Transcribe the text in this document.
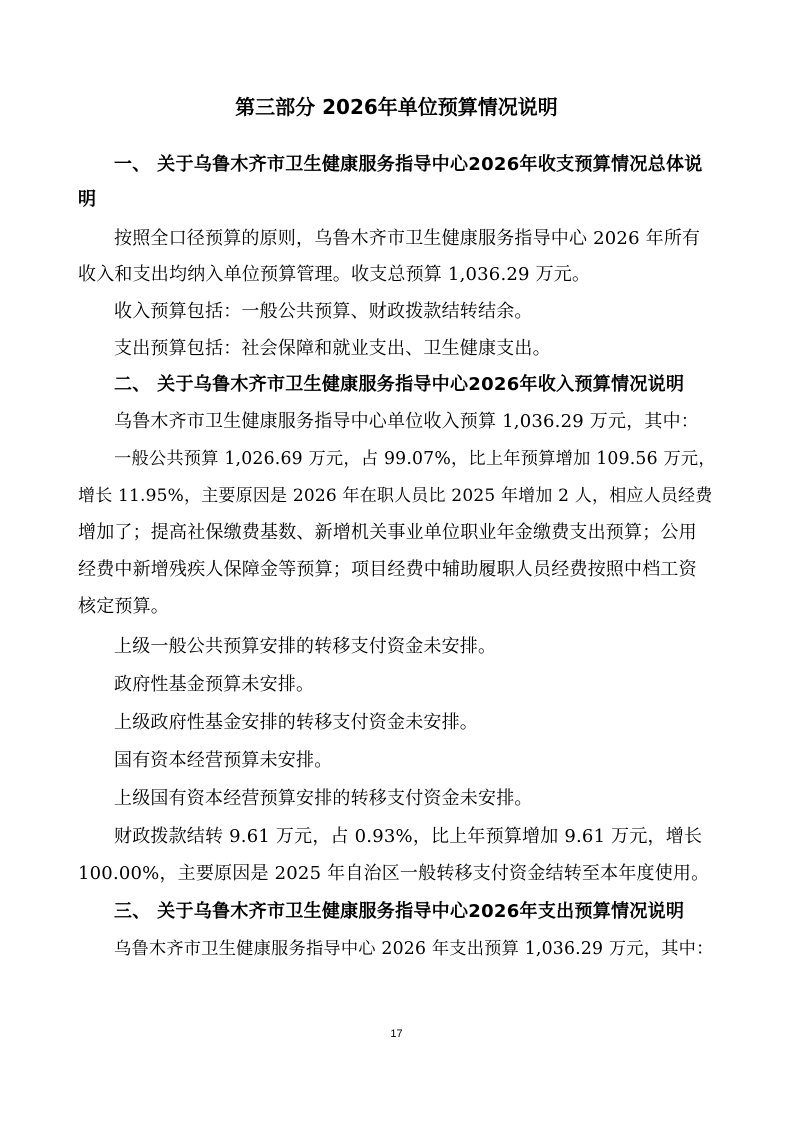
第三部分 2026年单位预算情况说明
一、 关于乌鲁木齐市卫生健康服务指导中心2026年收支预算情况总体说
明
按照全口径预算的原则，乌鲁木齐市卫生健康服务指导中心 2026 年所有
收入和支出均纳入单位预算管理。收支总预算 1,036.29 万元。
收入预算包括：一般公共预算、财政拨款结转结余。
支出预算包括：社会保障和就业支出、卫生健康支出。
二、 关于乌鲁木齐市卫生健康服务指导中心2026年收入预算情况说明
乌鲁木齐市卫生健康服务指导中心单位收入预算 1,036.29 万元，其中：
一般公共预算 1,026.69 万元，占 99.07%，比上年预算增加 109.56 万元，
增长 11.95%，主要原因是 2026 年在职人员比 2025 年增加 2 人，相应人员经费
增加了；提高社保缴费基数、新增机关事业单位职业年金缴费支出预算；公用
经费中新增残疾人保障金等预算；项目经费中辅助履职人员经费按照中档工资
核定预算。
上级一般公共预算安排的转移支付资金未安排。
政府性基金预算未安排。
上级政府性基金安排的转移支付资金未安排。
国有资本经营预算未安排。
上级国有资本经营预算安排的转移支付资金未安排。
财政拨款结转 9.61 万元，占 0.93%，比上年预算增加 9.61 万元，增长
100.00%，主要原因是 2025 年自治区一般转移支付资金结转至本年度使用。
三、 关于乌鲁木齐市卫生健康服务指导中心2026年支出预算情况说明
乌鲁木齐市卫生健康服务指导中心 2026 年支出预算 1,036.29 万元，其中：
17
